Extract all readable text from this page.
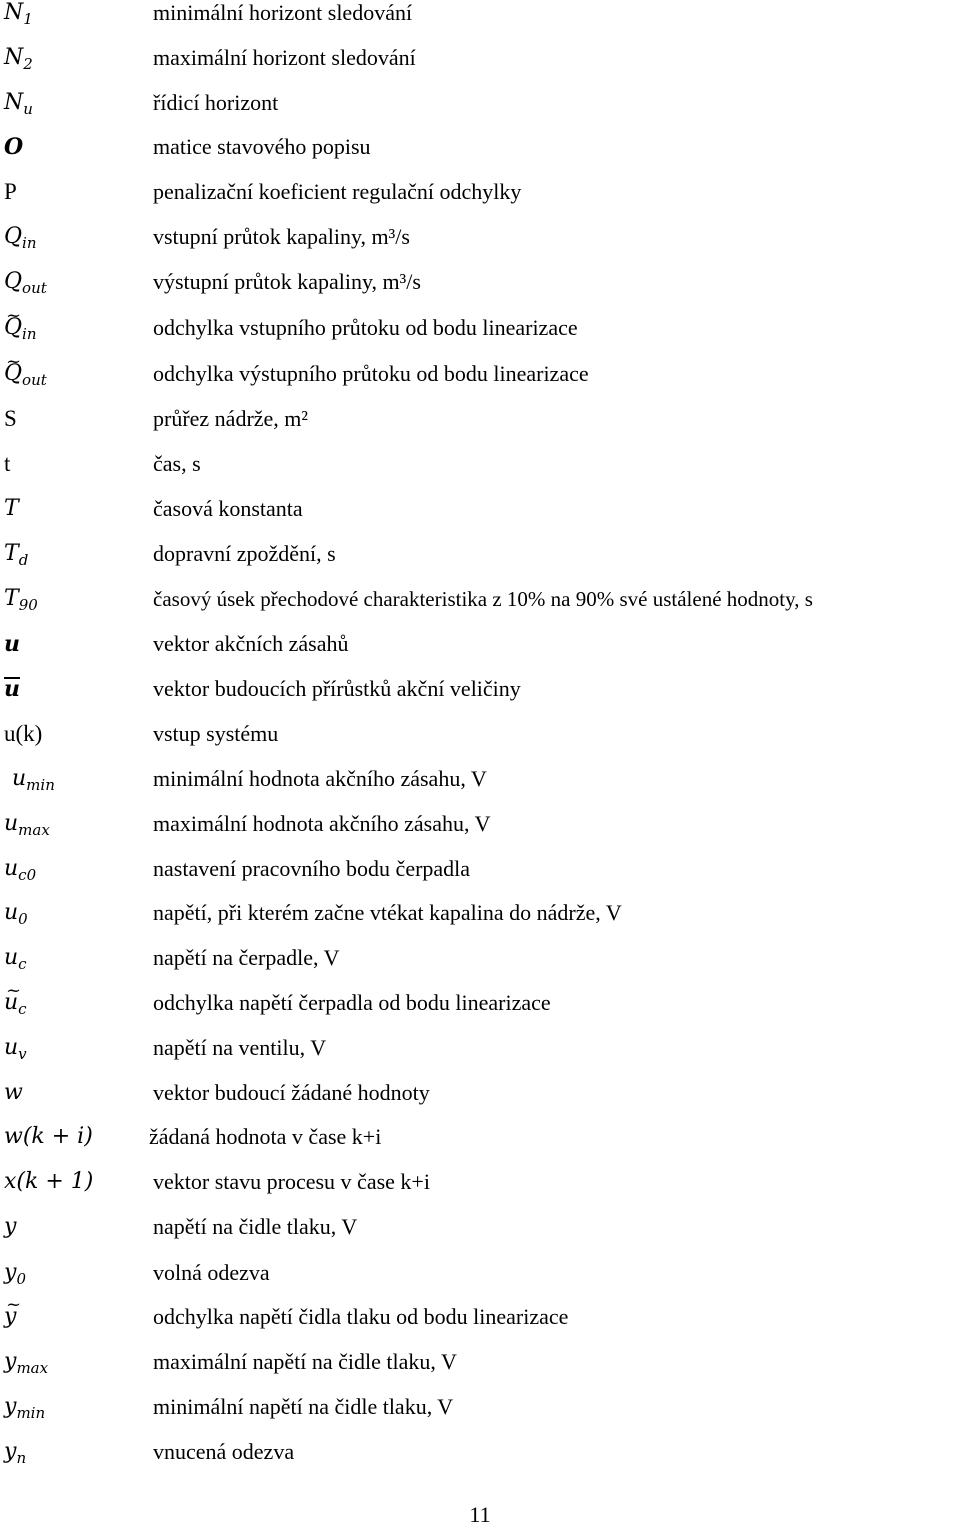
$N_1$	minimální horizont sledování
$N_2$	maximální horizont sledování
$N_u$	řídicí horizont
O	matice stavového popisu
P	penalizační koeficient regulační odchylky
$Q_{in}$	vstupní průtok kapaliny, m³/s
$Q_{out}$	výstupní průtok kapaliny, m³/s
~ $Q_{in}$	odchylka vstupního průtoku od bodu linearizace
~ $Q_{out}$	odchylka výstupního průtoku od bodu linearizace
S	průřez nádrže, m²
t	čas, s
T	časová konstanta
$T_d$	dopravní zpoždění, s
$T_{90}$	časový úsek přechodové charakteristika z 10% na 90% své ustálené hodnoty, s
u	vektor akčních zásahů
u	vektor budoucích přírůstků akční veličiny
u(k)	vstup systému
$u_{min}$	minimální hodnota akčního zásahu, V
$u_{max}$	maximální hodnota akčního zásahu, V
$u_{c0}$	nastavení pracovního bodu čerpadla
$u_0$	napětí, při kterém začne vtékat kapalina do nádrže, V
$u_c$	napětí na čerpadle, V
~ $u_c$	odchylka napětí čerpadla od bodu linearizace
$u_v$	napětí na ventilu, V
w	vektor budoucí žádané hodnoty
w(k + i)	žádaná hodnota v čase k+i
x(k + 1)	vektor stavu procesu v čase k+i
y	napětí na čidle tlaku, V
$y_0$	volná odezva
~ y	odchylka napětí čidla tlaku od bodu linearizace
$y_{max}$	maximální napětí na čidle tlaku, V
$y_{min}$	minimální napětí na čidle tlaku, V
$y_n$	vnucená odezva
11
